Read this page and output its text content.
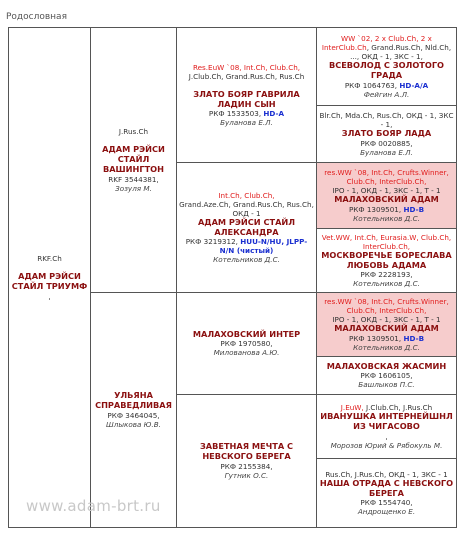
Родословная
RKF.Ch

АДАМ РЭЙСИ СТАЙЛ ТРИУМФ
,	J.Rus.Ch

АДАМ РЭЙСИ СТАЙЛ ВАШИНГТОН
RKF 3544381,
Зозуля М.	Res.EuW `08, Int.Ch, Club.Ch,
J.Club.Ch, Grand.Rus.Ch, Rus.Ch

ЗЛАТО БОЯР ГАВРИЛА ЛАДИН СЫН
РКФ 1533503, HD-A
Буланова Е.Л.	WW `02, 2 x Club.Ch, 2 x InterClub.Ch, Grand.Rus.Ch, Nld.Ch, ..., ОКД - 1, ЗКС - 1,
ВСЕВОЛОД С ЗОЛОТОГО ГРАДА
РКФ 1064763, HD-A/A
Фейгин А.Л.

			Blr.Ch, Mda.Ch, Rus.Ch, ОКД - 1, ЗКС - 1,
ЗЛАТО БОЯР ЛАДА
РКФ 0020885,
Буланова Е.Л.

		Int.Ch, Club.Ch,
Grand.Aze.Ch, Grand.Rus.Ch, Rus.Ch, ОКД - 1
АДАМ РЭЙСИ СТАЙЛ АЛЕКСАНДРА
РКФ 3219312, HUU-N/HU, JLPP-N/N (чистый)
Котельников Д.С.	res.WW `08, Int.Ch, Crufts.Winner, Club.Ch, InterClub.Ch,
IPO - 1, ОКД - 1, ЗКС - 1, Т - 1
МАЛАХОВСКИЙ АДАМ
РКФ 1309501, HD-B
Котельников Д.С.

			Vet.WW, Int.Ch, Eurasia.W, Club.Ch, InterClub.Ch,
МОСКВОРЕЧЬЕ БОРЕСЛАВА ЛЮБОВЬ АДАМА
РКФ 2228193,
Котельников Д.С.

	УЛЬЯНА СПРАВЕДЛИВАЯ
РКФ 3464045,
Шлыкова Ю.В.	МАЛАХОВСКИЙ ИНТЕР
РКФ 1970580,
Милованова А.Ю.	res.WW `08, Int.Ch, Crufts.Winner, Club.Ch, InterClub.Ch,
IPO - 1, ОКД - 1, ЗКС - 1, Т - 1
МАЛАХОВСКИЙ АДАМ
РКФ 1309501, HD-B
Котельников Д.С.

			МАЛАХОВСКАЯ ЖАСМИН
РКФ 1606105,
Башлыков П.С.

		ЗАВЕТНАЯ МЕЧТА С НЕВСКОГО БЕРЕГА
РКФ 2155384,
Гутник О.С.	J.EuW, J.Club.Ch, J.Rus.Ch
ИВАНУШКА ИНТЕРНЕЙШНЛ ИЗ ЧИГАСОВО
,
Морозов Юрий & Рябокуль М.

			Rus.Ch, J.Rus.Ch, ОКД - 1, ЗКС - 1
НАША ОТРАДА С НЕВСКОГО БЕРЕГА
РКФ 1554740,
Андрощенко Е.
www.adam-brt.ru
